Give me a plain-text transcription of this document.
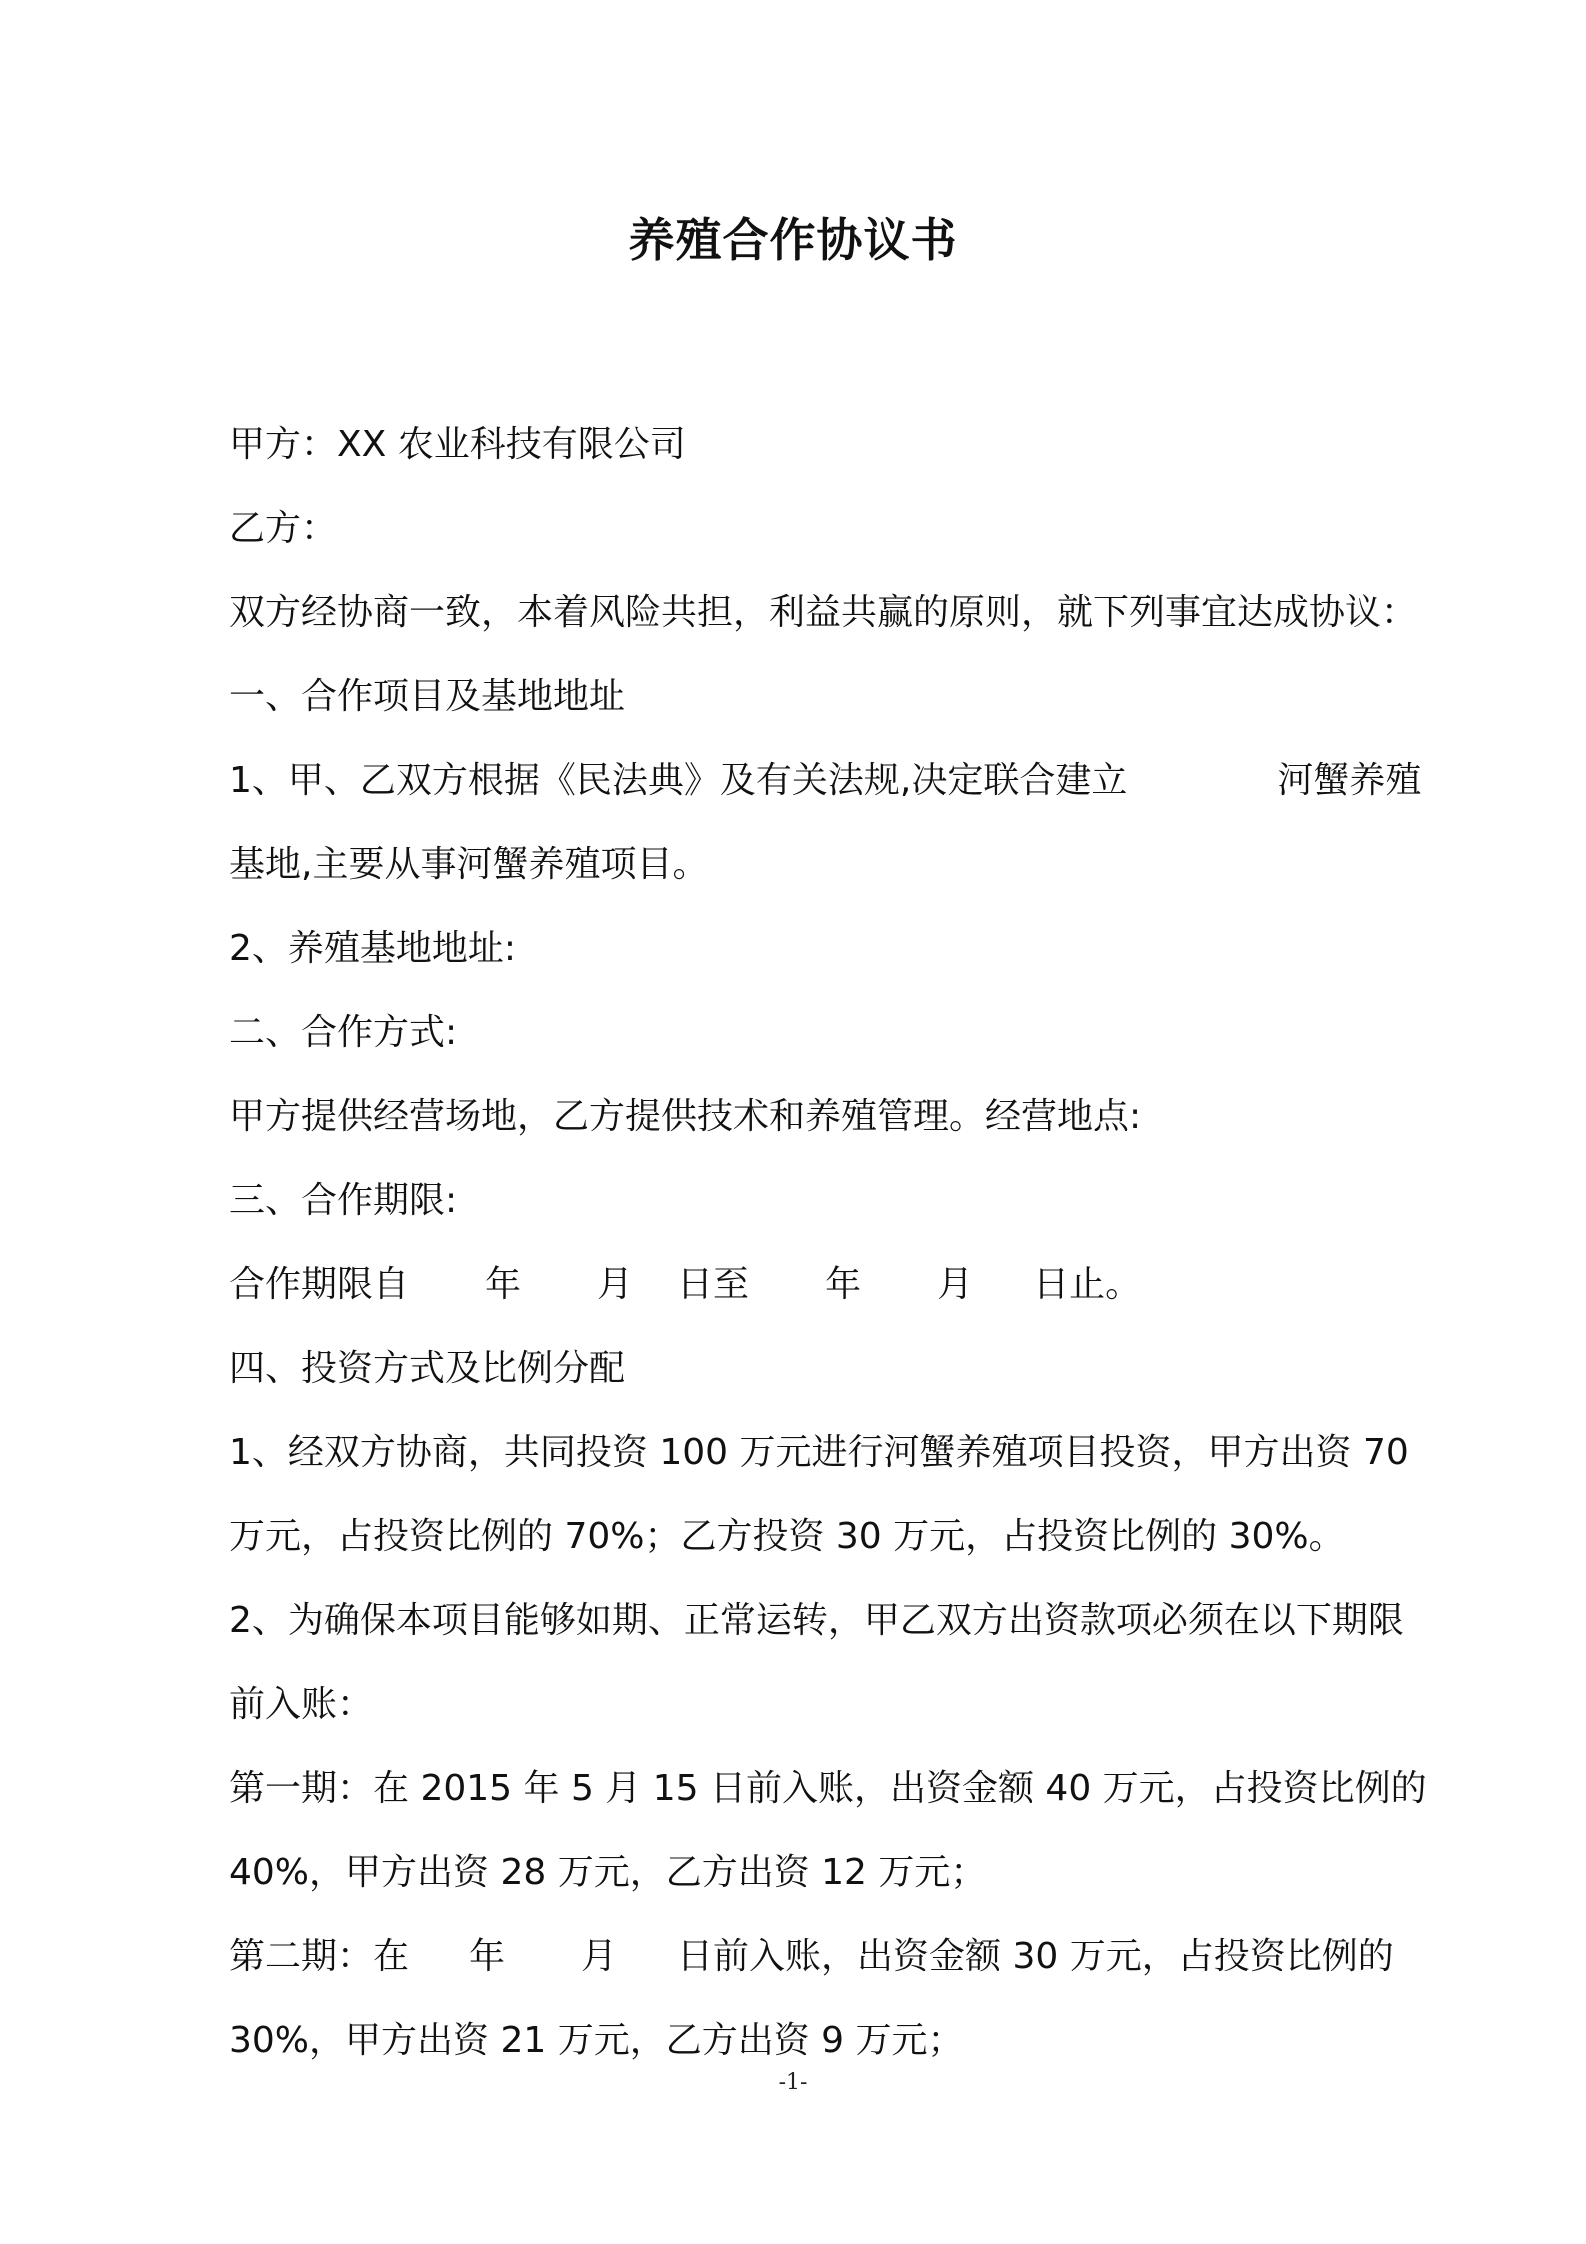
养殖合作协议书
甲方：XX 农业科技有限公司
乙方：
双方经协商一致，本着风险共担，利益共赢的原则，就下列事宜达成协议：
一、合作项目及基地地址
1、甲、乙双方根据《民法典》及有关法规,决定联合建立	河蟹养殖
基地,主要从事河蟹养殖项目。
2、养殖基地地址:
二、合作方式:
甲方提供经营场地，乙方提供技术和养殖管理。经营地点:
三、合作期限:
合作期限自 年 月 日至 年 月 日止。
四、投资方式及比例分配
1、经双方协商，共同投资 100 万元进行河蟹养殖项目投资，甲方出资 70
万元，占投资比例的 70%；乙方投资 30 万元，占投资比例的 30%。
2、为确保本项目能够如期、正常运转，甲乙双方出资款项必须在以下期限
前入账：
第一期：在 2015 年 5 月 15 日前入账，出资金额 40 万元，占投资比例的
40%，甲方出资 28 万元，乙方出资 12 万元；
第二期：在 年 月 日前入账，出资金额 30 万元，占投资比例的
30%，甲方出资 21 万元，乙方出资 9 万元；
-1-
